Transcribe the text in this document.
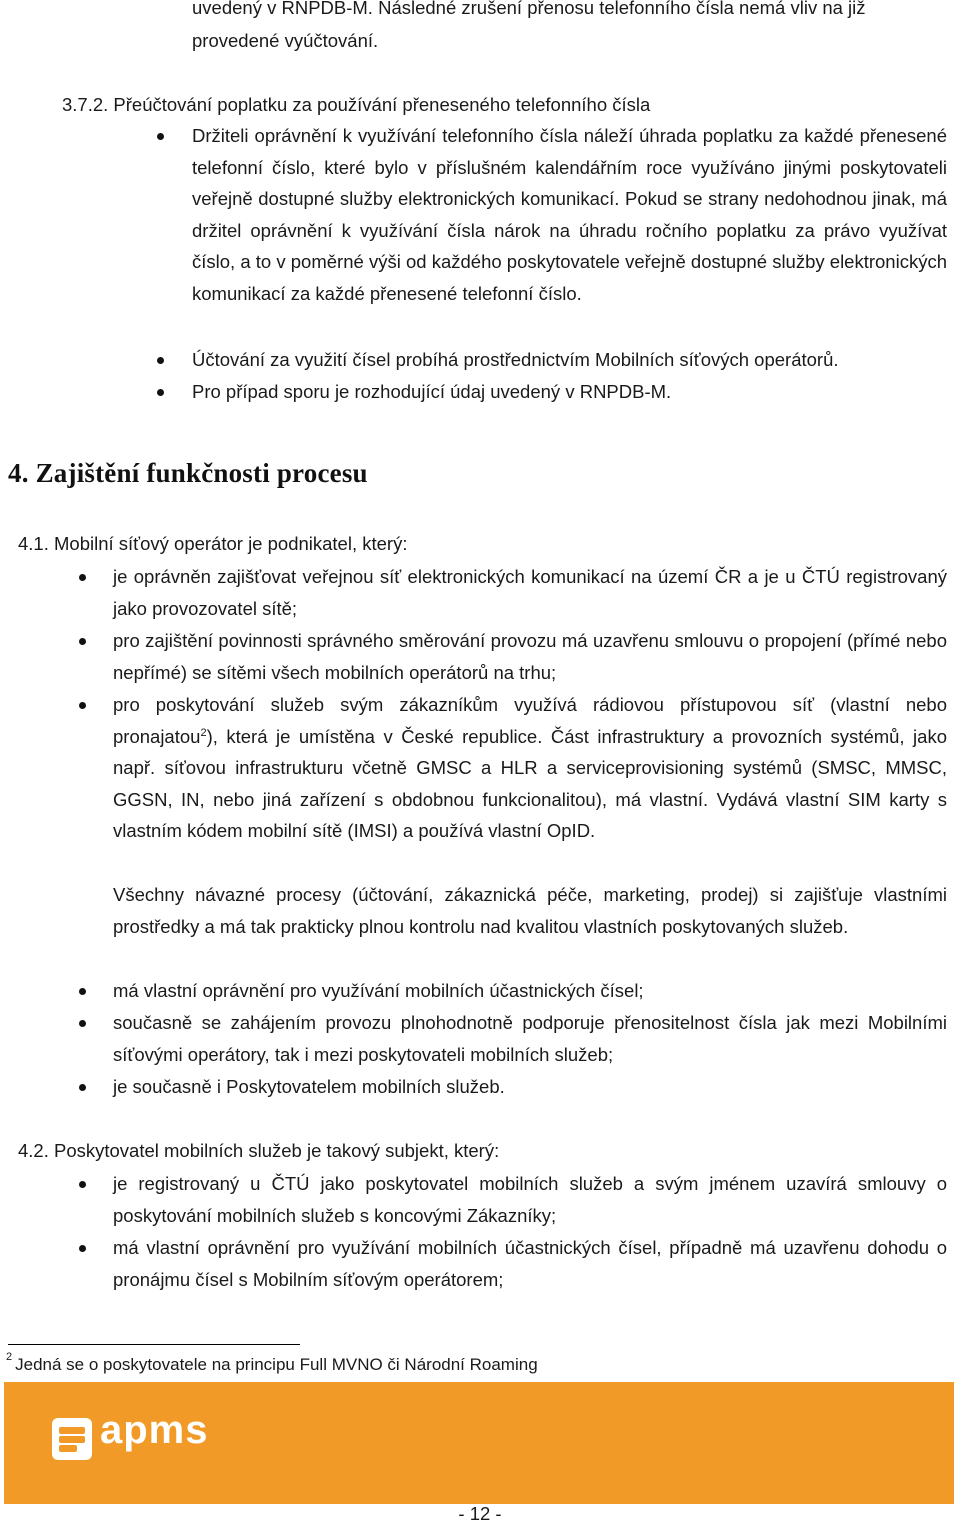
uvedený v RNPDB-M. Následné zrušení přenosu telefonního čísla nemá vliv na již
provedené vyúčtování.
3.7.2. Přeúčtování poplatku za používání přeneseného telefonního čísla
Držiteli oprávnění k využívání telefonního čísla náleží úhrada poplatku za každé přenesené telefonní číslo, které bylo v příslušném kalendářním roce využíváno jinými poskytovateli veřejně dostupné služby elektronických komunikací. Pokud se strany nedohodnou jinak, má držitel oprávnění k využívání čísla nárok na úhradu ročního poplatku za právo využívat číslo, a to v poměrné výši od každého poskytovatele veřejně dostupné služby elektronických komunikací za každé přenesené telefonní číslo.
Účtování za využití čísel probíhá prostřednictvím Mobilních síťových operátorů.
Pro případ sporu je rozhodující údaj uvedený v RNPDB-M.
4. Zajištění funkčnosti procesu
4.1. Mobilní síťový operátor je podnikatel, který:
je oprávněn zajišťovat veřejnou síť elektronických komunikací na území ČR a je u ČTÚ registrovaný jako provozovatel sítě;
pro zajištění povinnosti správného směrování provozu má uzavřenu smlouvu o propojení (přímé nebo nepřímé) se sítěmi všech mobilních operátorů na trhu;
pro poskytování služeb svým zákazníkům využívá rádiovou přístupovou síť (vlastní nebo pronajatou$^2$), která je umístěna v České republice. Část infrastruktury a provozních systémů, jako např. síťovou infrastrukturu včetně GMSC a HLR a serviceprovisioning systémů (SMSC, MMSC, GGSN, IN, nebo jiná zařízení s obdobnou funkcionalitou), má vlastní. Vydává vlastní SIM karty s vlastním kódem mobilní sítě (IMSI) a používá vlastní OpID.
Všechny návazné procesy (účtování, zákaznická péče, marketing, prodej) si zajišťuje vlastními prostředky a má tak prakticky plnou kontrolu nad kvalitou vlastních poskytovaných služeb.
má vlastní oprávnění pro využívání mobilních účastnických čísel;
současně se zahájením provozu plnohodnotně podporuje přenositelnost čísla jak mezi Mobilními síťovými operátory, tak i mezi poskytovateli mobilních služeb;
je současně i Poskytovatelem mobilních služeb.
4.2. Poskytovatel mobilních služeb je takový subjekt, který:
je registrovaný u ČTÚ jako poskytovatel mobilních služeb a svým jménem uzavírá smlouvy o poskytování mobilních služeb s koncovými Zákazníky;
má vlastní oprávnění pro využívání mobilních účastnických čísel, případně má uzavřenu dohodu o pronájmu čísel s Mobilním síťovým operátorem;
$^2$ Jedná se o poskytovatele na principu Full MVNO či Národní Roaming
apms
- 12 -
